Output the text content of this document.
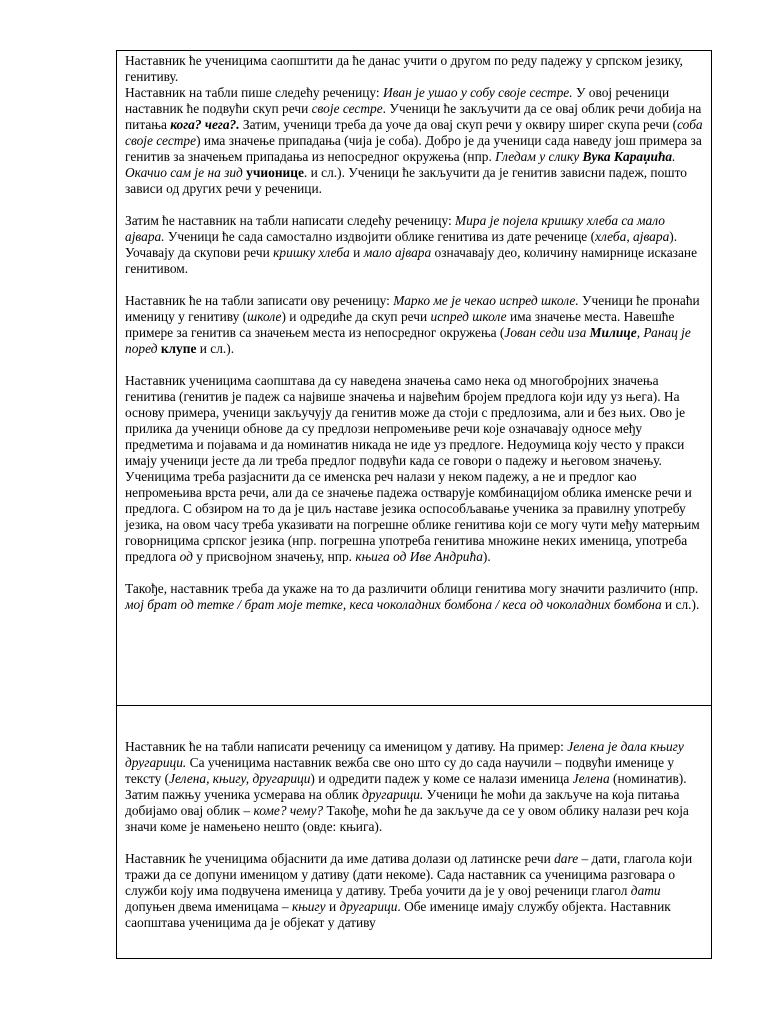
Наставник ће ученицима саопштити да ће данас учити о другом по реду падежу у српском језику, генитиву.

Наставник на табли пише следећу реченицу: Иван је ушао у собу своје сестре. У овој реченици наставник ће подвући скуп речи своје сестре. Ученици ће закључити да се овај облик речи добија на питања кога? чега?. Затим, ученици треба да уоче да овај скуп речи у оквиру ширег скупа речи (соба своје сестре) има значење припадања (чија је соба). Добро је да ученици сада наведу још примера за генитив за значењем припадања из непосредног окружења (нпр. Гледам у слику Вука Караџића. Окачио сам је на зид учионице. и сл.). Ученици ће закључити да је генитив зависни падеж, пошто зависи од других речи у реченици.

Затим ће наставник на табли написати следећу реченицу: Мира је појела кришку хлеба са мало ајвара. Ученици ће сада самостално издвојити облике генитива из дате реченице (хлеба, ајвара). Уочавају да скупови речи кришку хлеба и мало ајвара означавају део, количину намирнице исказане генитивом.

Наставник ће на табли записати ову реченицу: Марко ме је чекао испред школе. Ученици ће пронаћи именицу у генитиву (школе) и одредиће да скуп речи испред школе има значење места. Навешће примере за генитив са значењем места из непосредног окружења (Јован седи иза Милице, Ранац је поред клупе и сл.).

Наставник ученицима саопштава да су наведена значења само нека од многобројних значења генитива (генитив је падеж са највише значења и највећим бројем предлога који иду уз њега). На основу примера, ученици закључују да генитив може да стоји с предлозима, али и без њих. Ово је прилика да ученици обнове да су предлози непромењиве речи које означавају односе међу предметима и појавама и да номинатив никада не иде уз предлоге. Недоумица коју често у пракси имају ученици јесте да ли треба предлог подвући када се говори о падежу и његовом значењу. Ученицима треба разјаснити да се именска реч налази у неком падежу, а не и предлог као непромењива врста речи, али да се значење падежа остварује комбинацијом облика именске речи и предлога. С обзиром на то да је циљ наставе језика оспособљавање ученика за правилну употребу језика, на овом часу треба указивати на погрешне облике генитива који се могу чути међу матерњим говорницима српског језика (нпр. погрешна употреба генитива множине неких именица, употреба предлога од у присвојном значењу, нпр. књига од Иве Андрића).

Такође, наставник треба да укаже на то да различити облици генитива могу значити различито (нпр. мој брат од тетке / брат моје тетке, кеса чоколадних бомбона / кеса од чоколадних бомбона и сл.).

Наставник ће на табли написати реченицу са именицом у дативу. На пример: Јелена је дала књигу другарици. Са ученицима наставник вежба све оно што су до сада научили – подвући именице у тексту (Јелена, књигу, другарици) и одредити падеж у коме се налази именица Јелена (номинатив). Затим пажњу ученика усмерава на облик другарици. Ученици ће моћи да закључе на која питања добијамо овај облик – коме? чему? Такође, моћи ће да закључе да се у овом облику налази реч која значи коме је намењено нешто (овде: књига).

Наставник ће ученицима објаснити да име датива долази од латинске речи dare – дати, глагола који тражи да се допуни именицом у дативу (дати некоме). Сада наставник са ученицима разговара о служби коју има подвучена именица у дативу. Треба уочити да је у овој реченици глагол дати допуњен двема именицама – књигу и другарици. Обе именице имају службу објекта. Наставник саопштава ученицима да је објекат у дативу
